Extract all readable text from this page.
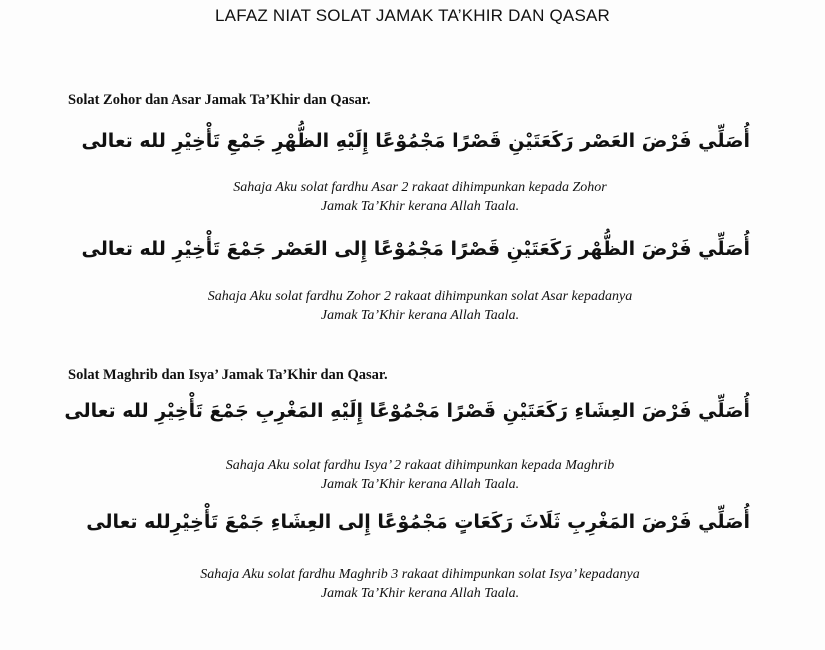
LAFAZ NIAT SOLAT JAMAK TA’KHIR DAN QASAR
Solat Zohor dan Asar Jamak Ta’Khir dan Qasar.
أُصَلِّي فَرْضَ العَصْر رَكَعَتَيْنِ قَصْرًا مَجْمُوْعًا إِلَيْهِ الظُّهْرِ جَمْعِ تَأْخِيْرِ لله تعالى
Sahaja Aku solat fardhu Asar 2 rakaat dihimpunkan kepada Zohor
Jamak Ta’Khir kerana Allah Taala.
أُصَلِّي فَرْضَ الظُّهْر رَكَعَتَيْنِ قَصْرًا مَجْمُوْعًا إِلى العَصْر جَمْعَ تَأْخِيْرِ لله تعالى
Sahaja Aku solat fardhu Zohor 2 rakaat dihimpunkan solat Asar kepadanya
Jamak Ta’Khir kerana Allah Taala.
Solat Maghrib dan Isya’ Jamak Ta’Khir dan Qasar.
أُصَلِّي فَرْضَ العِشَاءِ رَكَعَتَيْنِ قَصْرًا مَجْمُوْعًا إِلَيْهِ المَغْرِبِ جَمْعَ تَأْخِيْرِ لله تعالى
Sahaja Aku solat fardhu Isya’ 2 rakaat dihimpunkan kepada Maghrib
Jamak Ta’Khir kerana Allah Taala.
أُصَلِّي فَرْضَ المَغْرِبِ ثَلَاثَ رَكَعَاتٍ مَجْمُوْعًا إِلى العِشَاءِ جَمْعَ تَأْخِيْرِلله تعالى
Sahaja Aku solat fardhu Maghrib 3 rakaat dihimpunkan solat Isya’ kepadanya
Jamak Ta’Khir kerana Allah Taala.
